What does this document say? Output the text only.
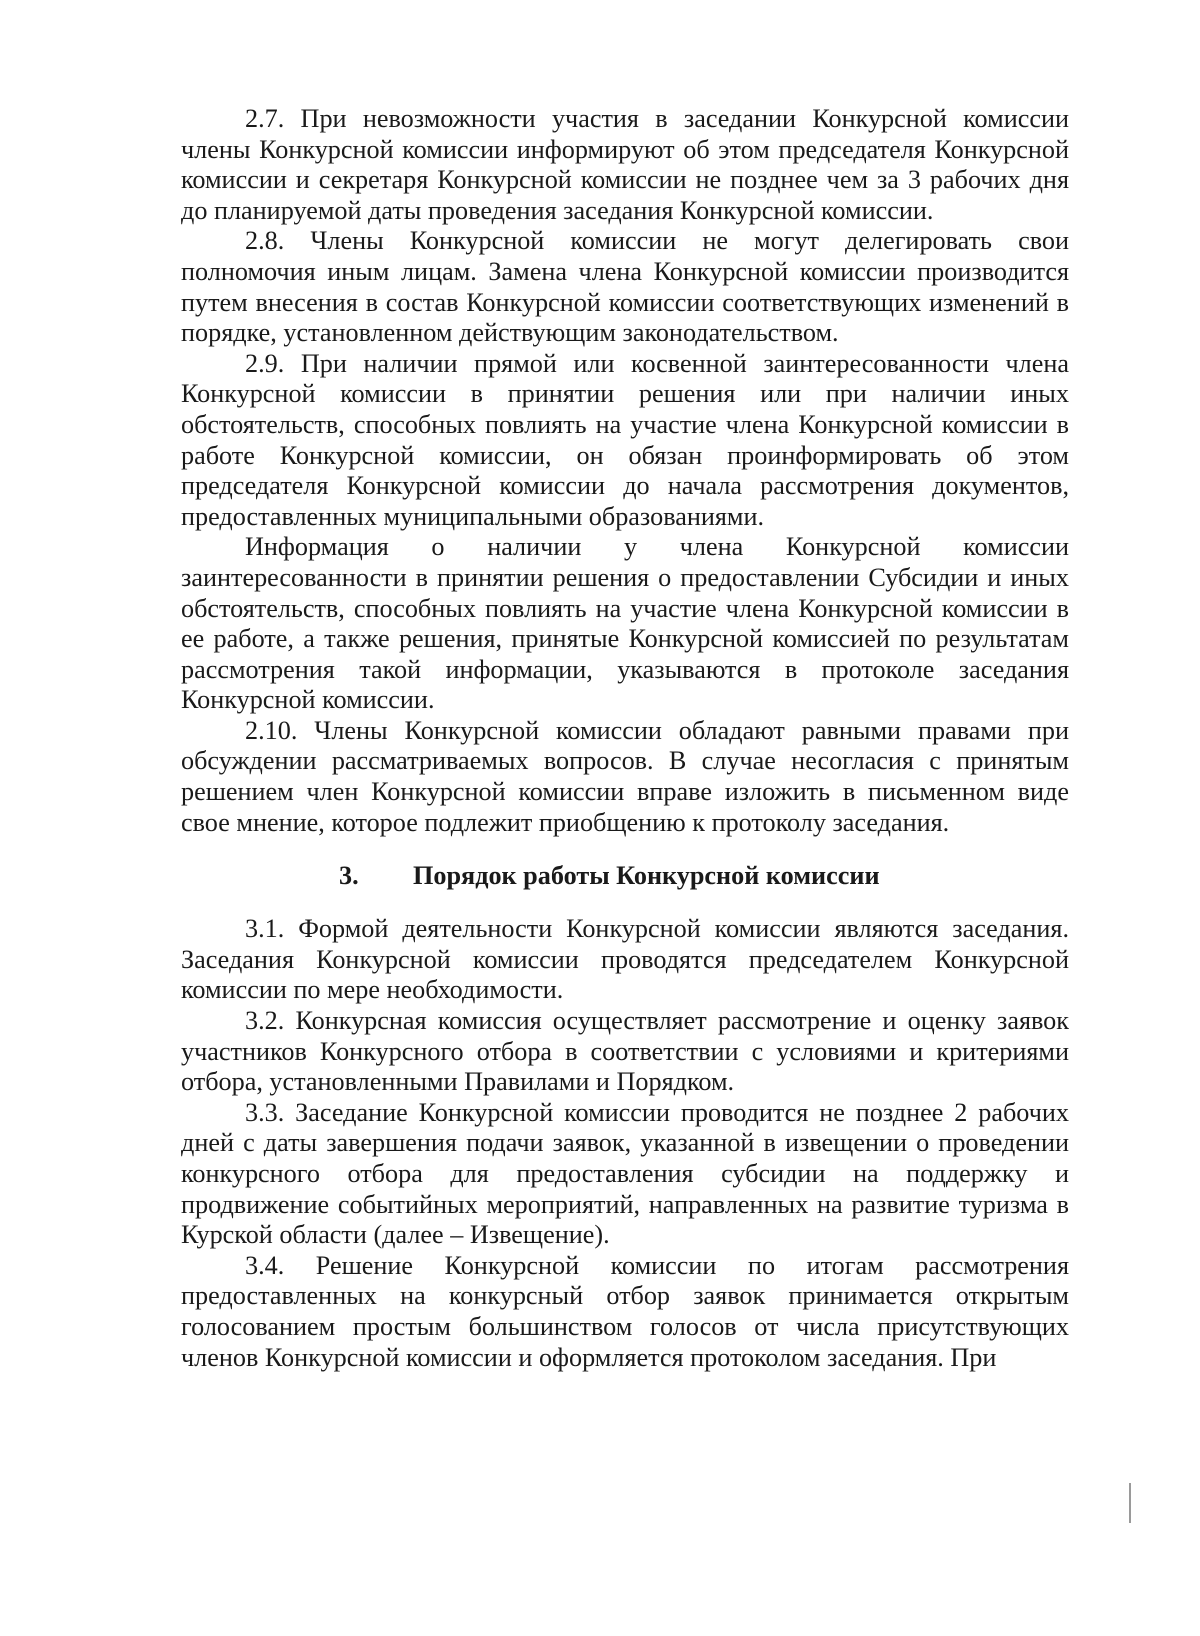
2.7. При невозможности участия в заседании Конкурсной комиссии члены Конкурсной комиссии информируют об этом председателя Конкурсной комиссии и секретаря Конкурсной комиссии не позднее чем за 3 рабочих дня до планируемой даты проведения заседания Конкурсной комиссии.

2.8. Члены Конкурсной комиссии не могут делегировать свои полномочия иным лицам. Замена члена Конкурсной комиссии производится путем внесения в состав Конкурсной комиссии соответствующих изменений в порядке, установленном действующим законодательством.

2.9. При наличии прямой или косвенной заинтересованности члена Конкурсной комиссии в принятии решения или при наличии иных обстоятельств, способных повлиять на участие члена Конкурсной комиссии в работе Конкурсной комиссии, он обязан проинформировать об этом председателя Конкурсной комиссии до начала рассмотрения документов, предоставленных муниципальными образованиями.

Информация о наличии у члена Конкурсной комиссии заинтересованности в принятии решения о предоставлении Субсидии и иных обстоятельств, способных повлиять на участие члена Конкурсной комиссии в ее работе, а также решения, принятые Конкурсной комиссией по результатам рассмотрения такой информации, указываются в протоколе заседания Конкурсной комиссии.

2.10. Члены Конкурсной комиссии обладают равными правами при обсуждении рассматриваемых вопросов. В случае несогласия с принятым решением член Конкурсной комиссии вправе изложить в письменном виде свое мнение, которое подлежит приобщению к протоколу заседания.

3. Порядок работы Конкурсной комиссии

3.1. Формой деятельности Конкурсной комиссии являются заседания. Заседания Конкурсной комиссии проводятся председателем Конкурсной комиссии по мере необходимости.

3.2. Конкурсная комиссия осуществляет рассмотрение и оценку заявок участников Конкурсного отбора в соответствии с условиями и критериями отбора, установленными Правилами и Порядком.

3.3. Заседание Конкурсной комиссии проводится не позднее 2 рабочих дней с даты завершения подачи заявок, указанной в извещении о проведении конкурсного отбора для предоставления субсидии на поддержку и продвижение событийных мероприятий, направленных на развитие туризма в Курской области (далее – Извещение).

3.4. Решение Конкурсной комиссии по итогам рассмотрения предоставленных на конкурсный отбор заявок принимается открытым голосованием простым большинством голосов от числа присутствующих членов Конкурсной комиссии и оформляется протоколом заседания. При
